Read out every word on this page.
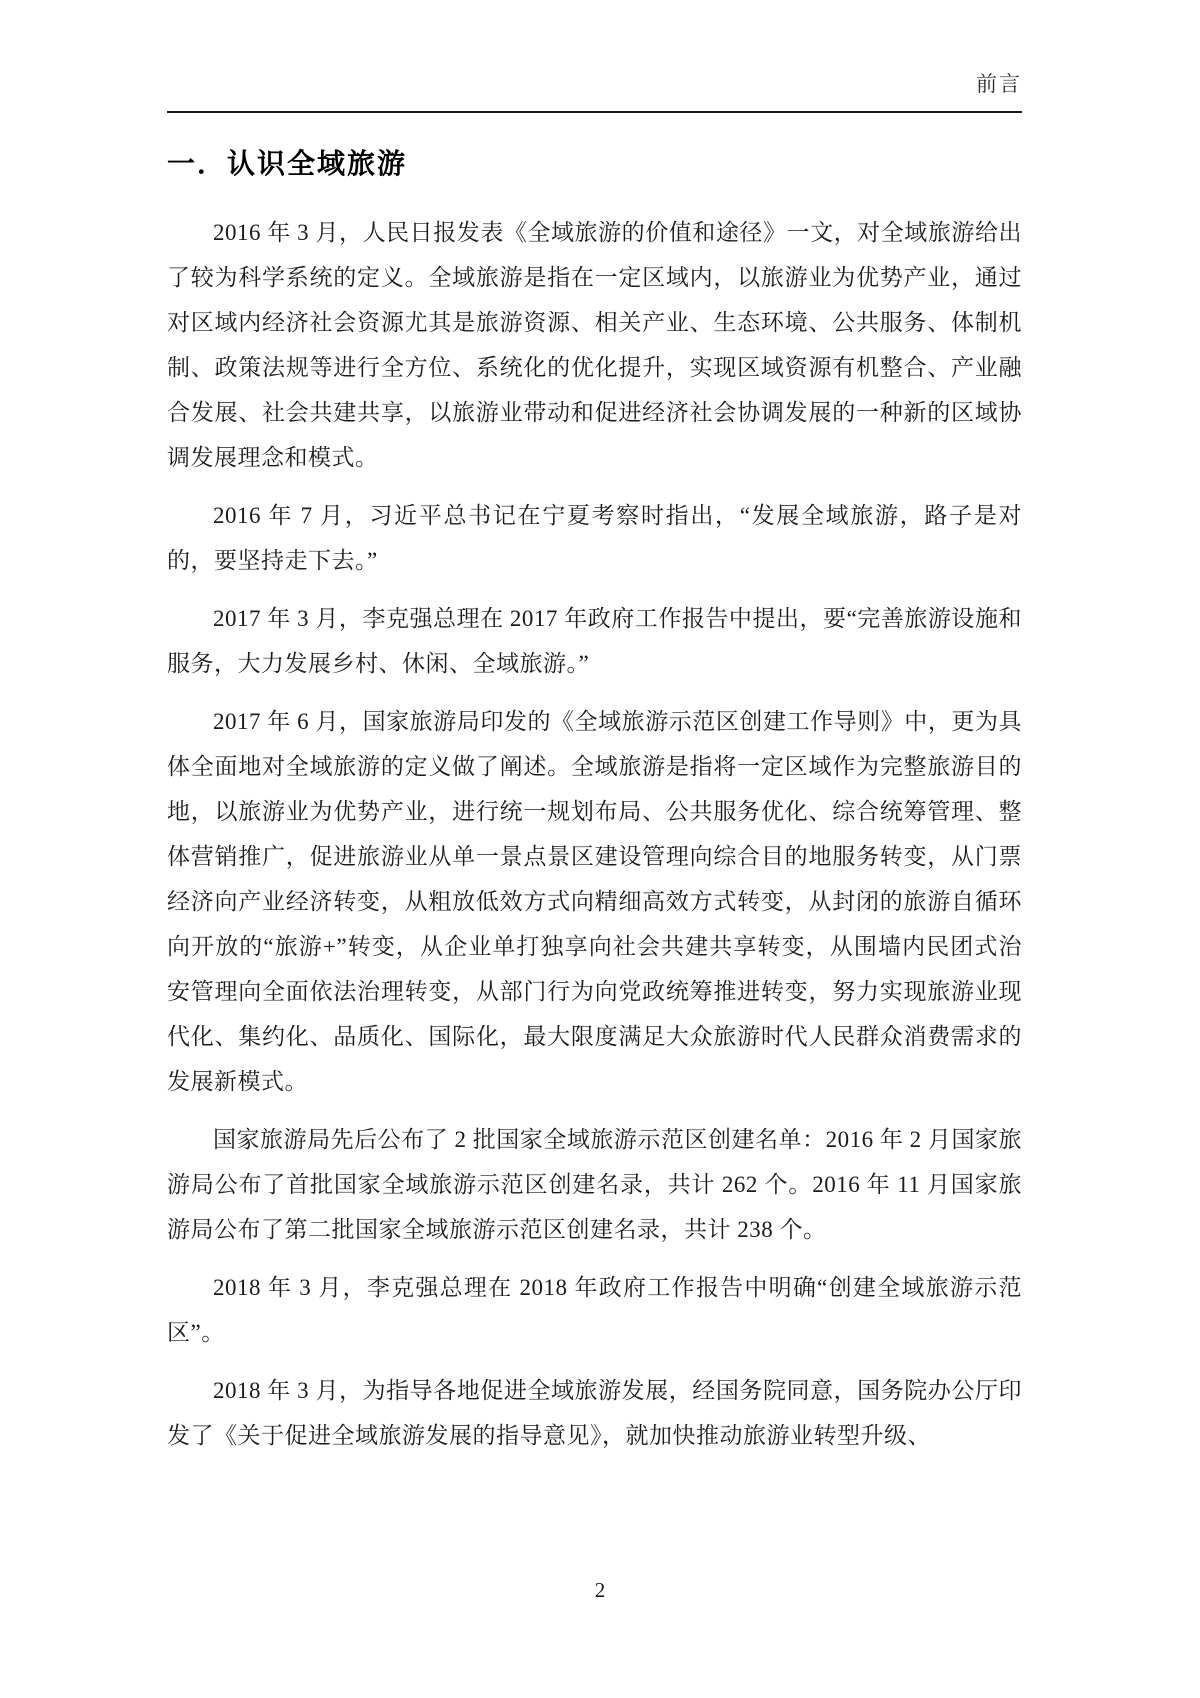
前言
一．认识全域旅游

2016 年 3 月，人民日报发表《全域旅游的价值和途径》一文，对全域旅游给出了较为科学系统的定义。全域旅游是指在一定区域内，以旅游业为优势产业，通过对区域内经济社会资源尤其是旅游资源、相关产业、生态环境、公共服务、体制机制、政策法规等进行全方位、系统化的优化提升，实现区域资源有机整合、产业融合发展、社会共建共享，以旅游业带动和促进经济社会协调发展的一种新的区域协调发展理念和模式。

2016 年 7 月，习近平总书记在宁夏考察时指出，“发展全域旅游，路子是对的，要坚持走下去。”

2017 年 3 月，李克强总理在 2017 年政府工作报告中提出，要“完善旅游设施和服务，大力发展乡村、休闲、全域旅游。”

2017 年 6 月，国家旅游局印发的《全域旅游示范区创建工作导则》中，更为具体全面地对全域旅游的定义做了阐述。全域旅游是指将一定区域作为完整旅游目的地，以旅游业为优势产业，进行统一规划布局、公共服务优化、综合统筹管理、整体营销推广，促进旅游业从单一景点景区建设管理向综合目的地服务转变，从门票经济向产业经济转变，从粗放低效方式向精细高效方式转变，从封闭的旅游自循环向开放的“旅游+”转变，从企业单打独享向社会共建共享转变，从围墙内民团式治安管理向全面依法治理转变，从部门行为向党政统筹推进转变，努力实现旅游业现代化、集约化、品质化、国际化，最大限度满足大众旅游时代人民群众消费需求的发展新模式。

国家旅游局先后公布了 2 批国家全域旅游示范区创建名单：2016 年 2 月国家旅游局公布了首批国家全域旅游示范区创建名录，共计 262 个。2016 年 11 月国家旅游局公布了第二批国家全域旅游示范区创建名录，共计 238 个。

2018 年 3 月，李克强总理在 2018 年政府工作报告中明确“创建全域旅游示范区”。

2018 年 3 月，为指导各地促进全域旅游发展，经国务院同意，国务院办公厅印发了《关于促进全域旅游发展的指导意见》，就加快推动旅游业转型升级、

2
